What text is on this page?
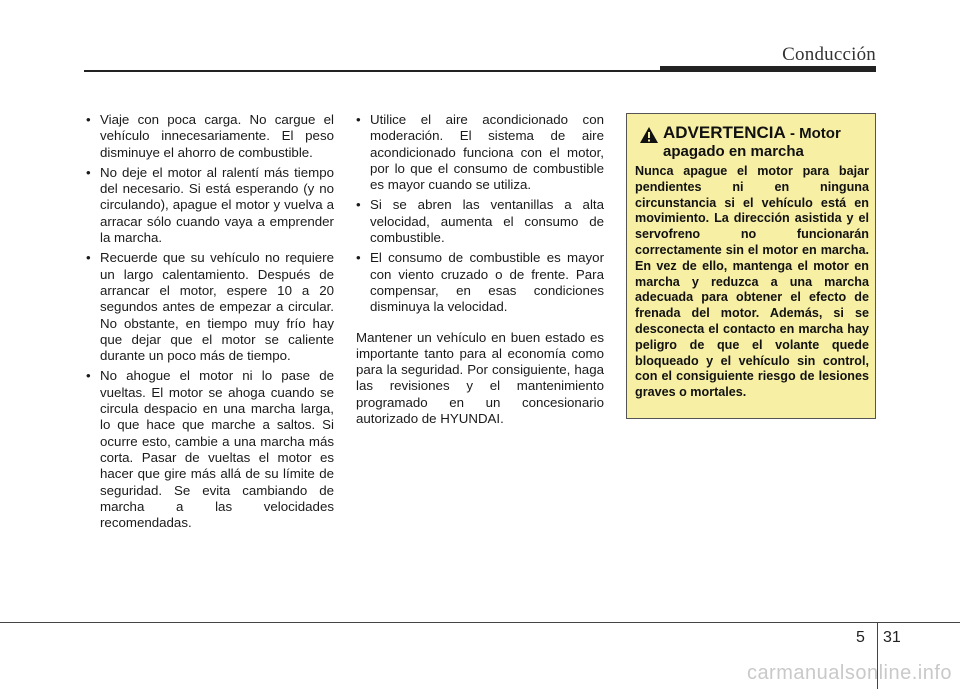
Conducción
• Viaje con poca carga. No cargue el vehículo innecesariamente. El peso disminuye el ahorro de combustible.
• No deje el motor al ralentí más tiempo del necesario. Si está esperando (y no circulando), apague el motor y vuelva a arracar sólo cuando vaya a emprender la marcha.
• Recuerde que su vehículo no requiere un largo calentamiento. Después de arrancar el motor, espere 10 a 20 segundos antes de empezar a circular. No obstante, en tiempo muy frío hay que dejar que el motor se caliente durante un poco más de tiempo.
• No ahogue el motor ni lo pase de vueltas. El motor se ahoga cuando se circula despacio en una marcha larga, lo que hace que marche a saltos. Si ocurre esto, cambie a una marcha más corta. Pasar de vueltas el motor es hacer que gire más allá de su límite de seguridad. Se evita cambiando de marcha a las velocidades recomendadas.
• Utilice el aire acondicionado con moderación. El sistema de aire acondicionado funciona con el motor, por lo que el consumo de combustible es mayor cuando se utiliza.
• Si se abren las ventanillas a alta velocidad, aumenta el consumo de combustible.
• El consumo de combustible es mayor con viento cruzado o de frente. Para compensar, en esas condiciones disminuya la velocidad.

Mantener un vehículo en buen estado es importante tanto para al economía como para la seguridad. Por consiguiente, haga las revisiones y el mantenimiento programado en un concesionario autorizado de HYUNDAI.

ADVERTENCIA - Motor
apagado en marcha
Nunca apague el motor para bajar pendientes ni en ninguna circunstancia si el vehículo está en movimiento. La dirección asistida y el servofreno no funcionarán correctamente sin el motor en marcha. En vez de ello, mantenga el motor en marcha y reduzca a una marcha adecuada para obtener el efecto de frenada del motor. Además, si se desconecta el contacto en marcha hay peligro de que el volante quede bloqueado y el vehículo sin control, con el consiguiente riesgo de lesiones graves o mortales.
5 31
carmanualsonline.info
